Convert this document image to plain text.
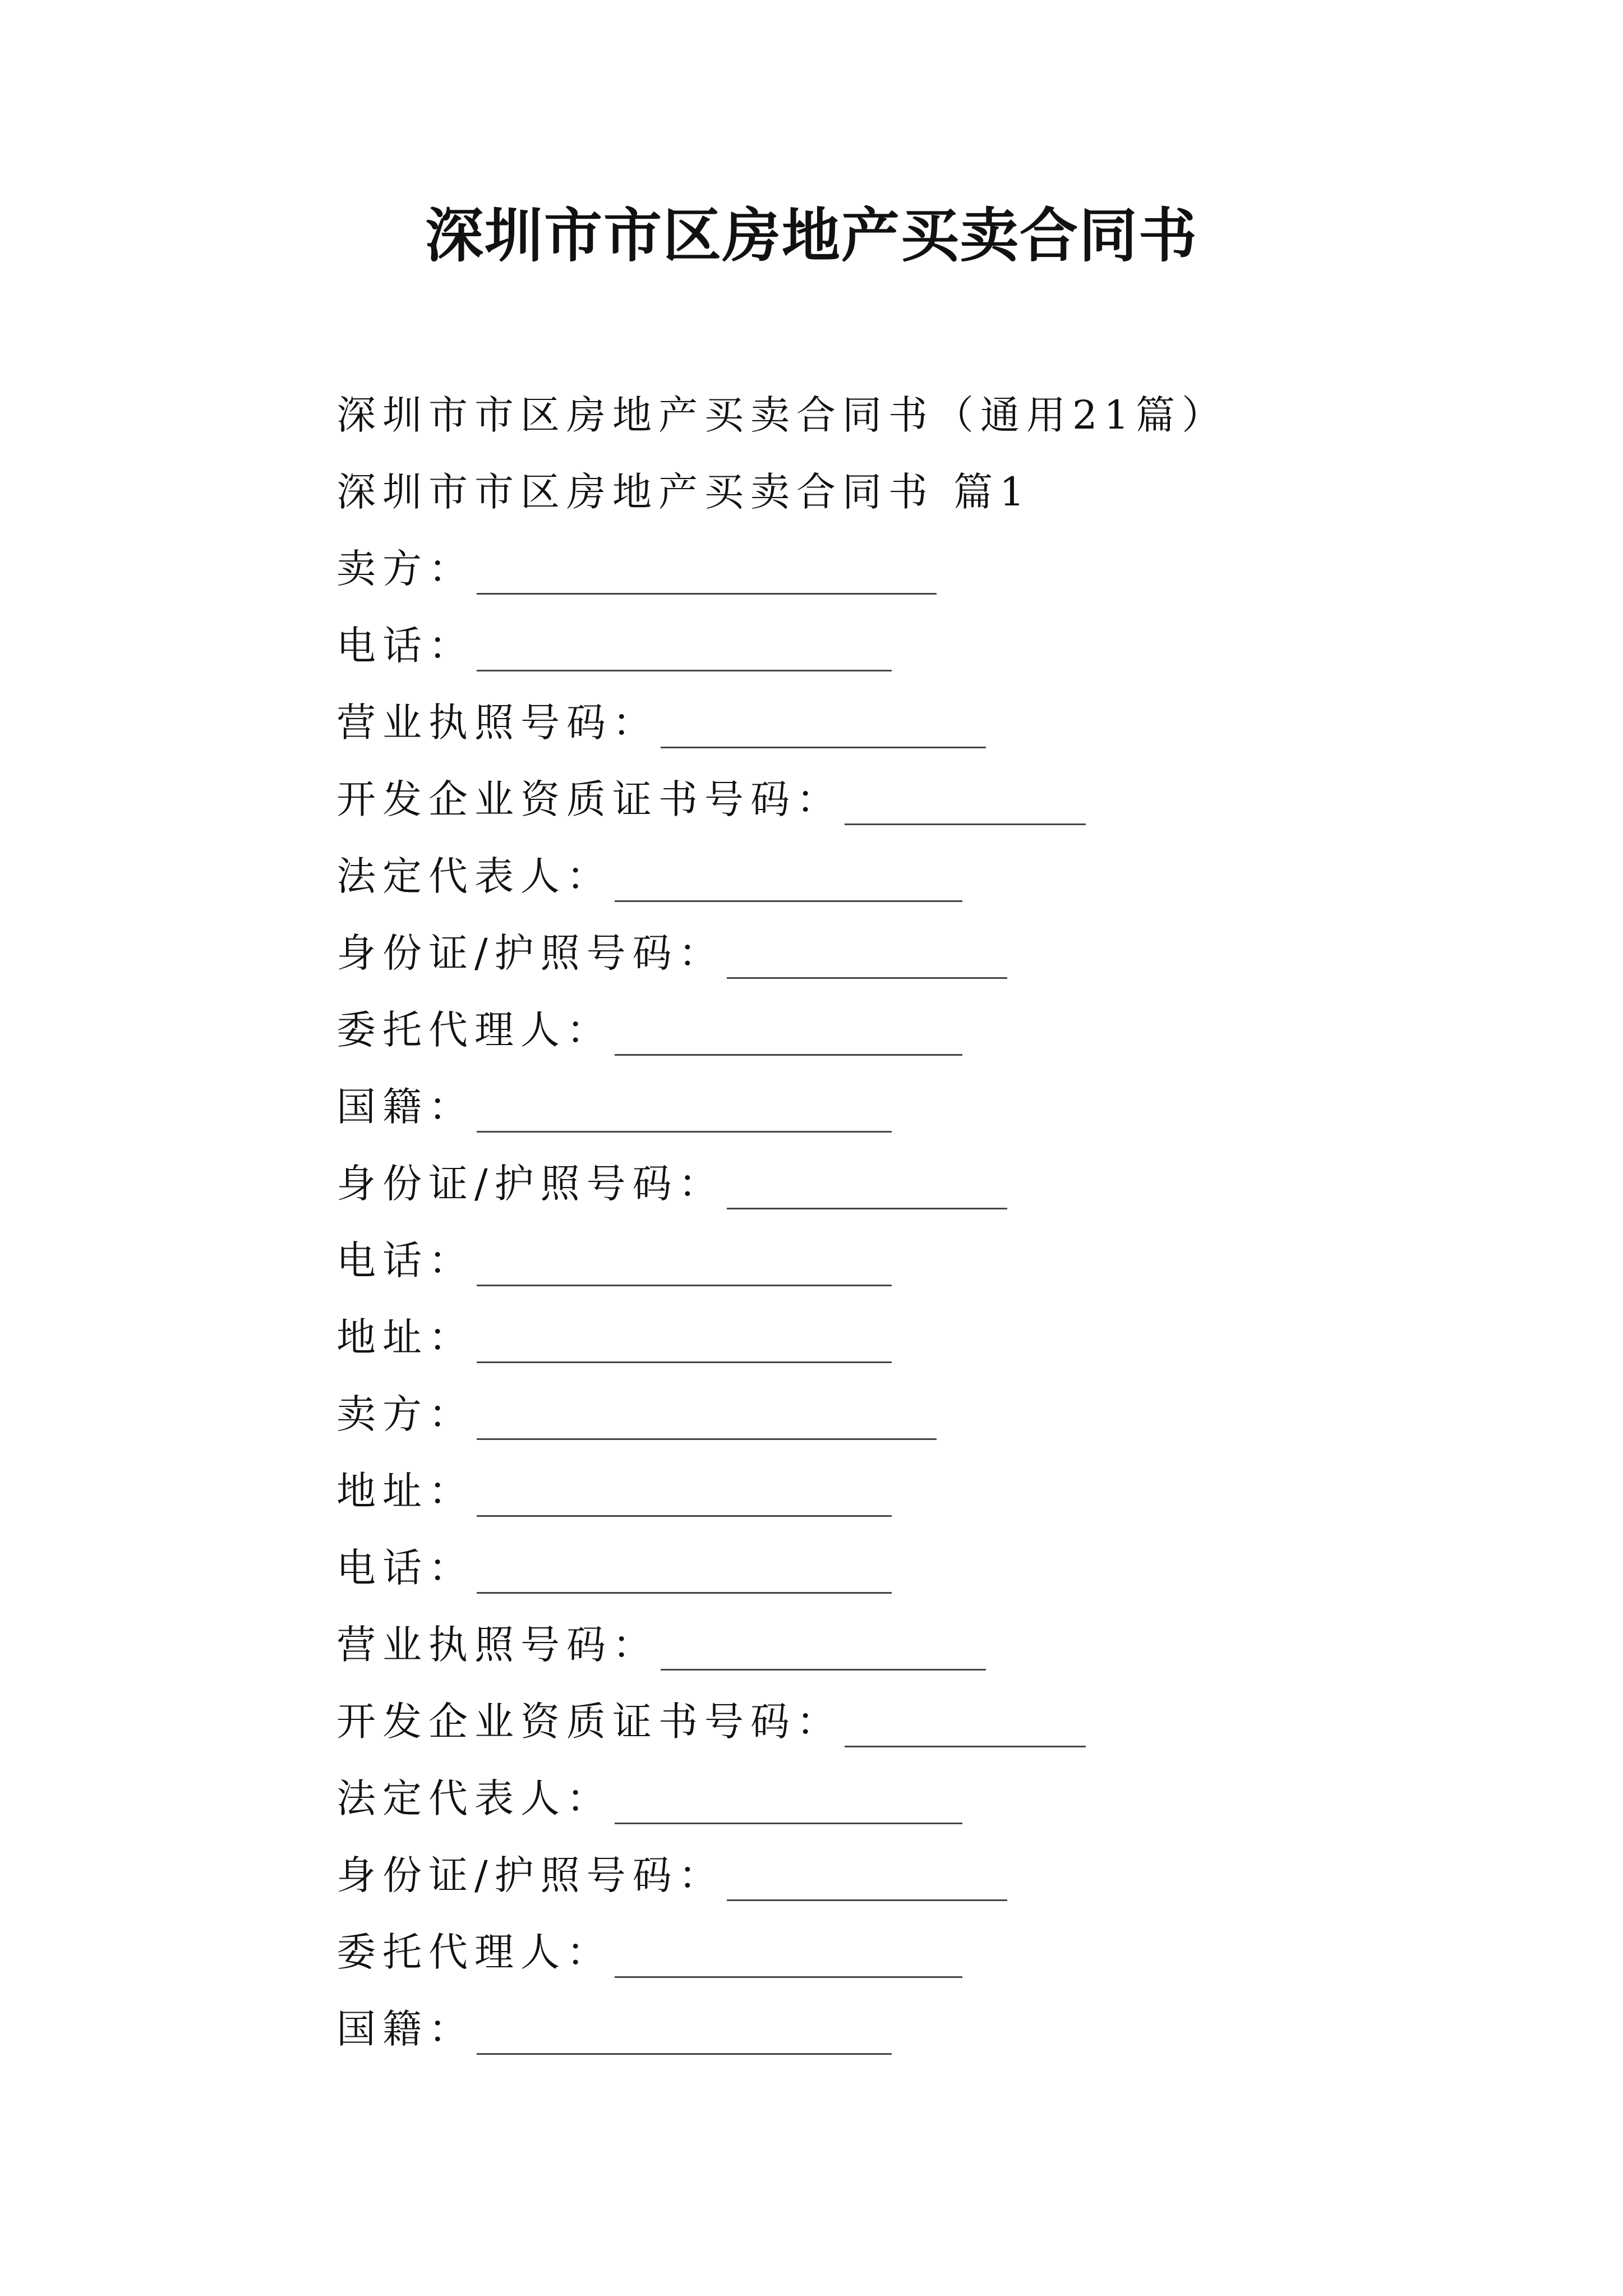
深圳市市区房地产买卖合同书
深圳市市区房地产买卖合同书（通用21篇）
深圳市市区房地产买卖合同书 篇1
卖方：
电话：
营业执照号码：
开发企业资质证书号码：
法定代表人：
身份证/护照号码：
委托代理人：
国籍：
身份证/护照号码：
电话：
地址：
卖方：
地址：
电话：
营业执照号码：
开发企业资质证书号码：
法定代表人：
身份证/护照号码：
委托代理人：
国籍：
